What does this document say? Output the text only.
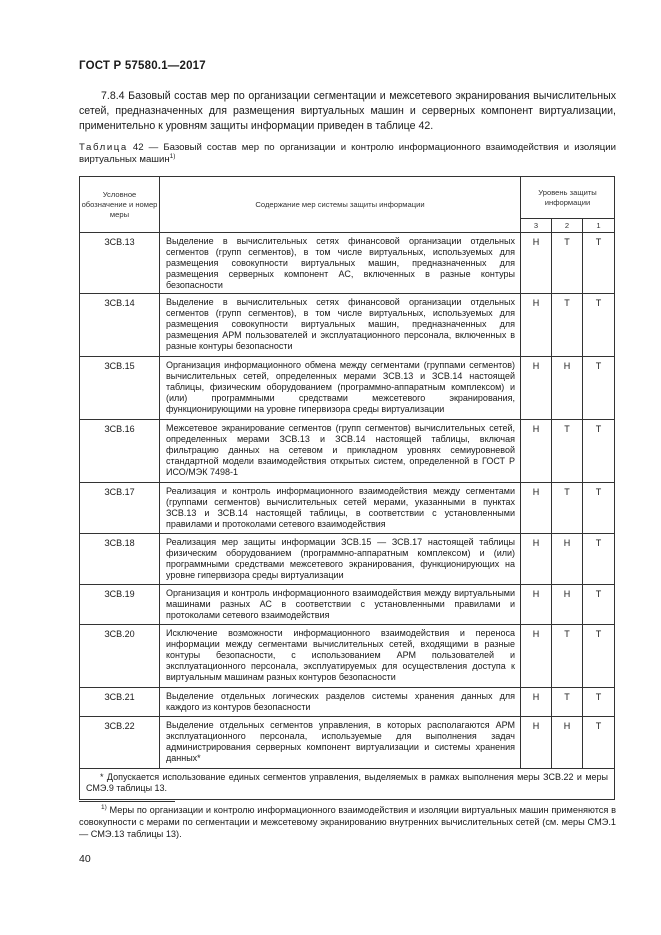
ГОСТ Р 57580.1—2017
7.8.4 Базовый состав мер по организации сегментации и межсетевого экранирования вычислительных сетей, предназначенных для размещения виртуальных машин и серверных компонент виртуализации, применительно к уровням защиты информации приведен в таблице 42.
Таблица 42 — Базовый состав мер по организации и контролю информационного взаимодействия и изоляции виртуальных машин$^{1)}$
Условное обозначение и номер меры	Содержание мер системы защиты информации	Уровень защиты информации		
		3	2	1
ЗСВ.13	Выделение в вычислительных сетях финансовой организации отдельных сегментов (групп сегментов), в том числе виртуальных, используемых для размещения совокупности виртуальных машин, предназначенных для размещения серверных компонент АС, включенных в разные контуры безопасности	Н	Т	Т
ЗСВ.14	Выделение в вычислительных сетях финансовой организации отдельных сегментов (групп сегментов), в том числе виртуальных, используемых для размещения совокупности виртуальных машин, предназначенных для размещения АРМ пользователей и эксплуатационного персонала, включенных в разные контуры безопасности	Н	Т	Т
ЗСВ.15	Организация информационного обмена между сегментами (группами сегментов) вычислительных сетей, определенных мерами ЗСВ.13 и ЗСВ.14 настоящей таблицы, физическим оборудованием (программно-аппаратным комплексом) и (или) программными средствами межсетевого экранирования, функционирующими на уровне гипервизора среды виртуализации	Н	Н	Т
ЗСВ.16	Межсетевое экранирование сегментов (групп сегментов) вычислительных сетей, определенных мерами ЗСВ.13 и ЗСВ.14 настоящей таблицы, включая фильтрацию данных на сетевом и прикладном уровнях семиуровневой стандартной модели взаимодействия открытых систем, определенной в ГОСТ Р ИСО/МЭК 7498-1	Н	Т	Т
ЗСВ.17	Реализация и контроль информационного взаимодействия между сегментами (группами сегментов) вычислительных сетей мерами, указанными в пунктах ЗСВ.13 и ЗСВ.14 настоящей таблицы, в соответствии с установленными правилами и протоколами сетевого взаимодействия	Н	Т	Т
ЗСВ.18	Реализация мер защиты информации ЗСВ.15 — ЗСВ.17 настоящей таблицы физическим оборудованием (программно-аппаратным комплексом) и (или) программными средствами межсетевого экранирования, функционирующих на уровне гипервизора среды виртуализации	Н	Н	Т
ЗСВ.19	Организация и контроль информационного взаимодействия между виртуальными машинами разных АС в соответствии с установленными правилами и протоколами сетевого взаимодействия	Н	Н	Т
ЗСВ.20	Исключение возможности информационного взаимодействия и переноса информации между сегментами вычислительных сетей, входящими в разные контуры безопасности, с использованием АРМ пользователей и эксплуатационного персонала, эксплуатируемых для осуществления доступа к виртуальным машинам разных контуров безопасности	Н	Т	Т
ЗСВ.21	Выделение отдельных логических разделов системы хранения данных для каждого из контуров безопасности	Н	Т	Т
ЗСВ.22	Выделение отдельных сегментов управления, в которых располагаются АРМ эксплуатационного персонала, используемые для выполнения задач администрирования серверных компонент виртуализации и системы хранения данных*	Н	Н	Т
* Допускается использование единых сегментов управления, выделяемых в рамках выполнения меры ЗСВ.22 и меры СМЭ.9 таблицы 13.				
$^{1)}$ Меры по организации и контролю информационного взаимодействия и изоляции виртуальных машин применяются в совокупности с мерами по сегментации и межсетевому экранированию внутренних вычислительных сетей (см. меры СМЭ.1 — СМЭ.13 таблицы 13).
40
